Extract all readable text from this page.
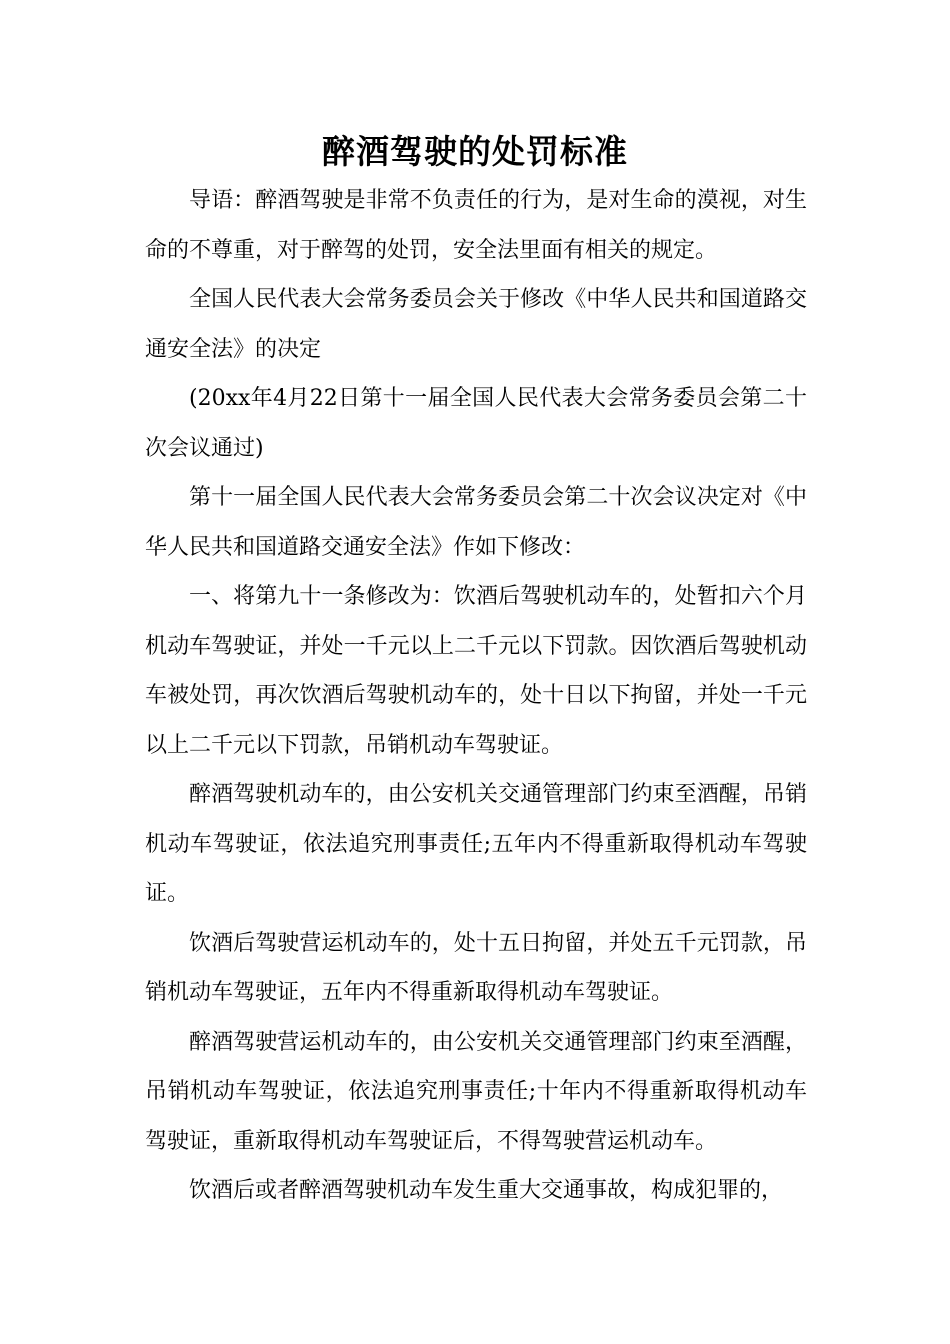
醉酒驾驶的处罚标准

导语：醉酒驾驶是非常不负责任的行为，是对生命的漠视，对生命的不尊重，对于醉驾的处罚，安全法里面有相关的规定。

全国人民代表大会常务委员会关于修改《中华人民共和国道路交通安全法》的决定

(20xx年4月22日第十一届全国人民代表大会常务委员会第二十次会议通过)

第十一届全国人民代表大会常务委员会第二十次会议决定对《中华人民共和国道路交通安全法》作如下修改：

一、将第九十一条修改为：饮酒后驾驶机动车的，处暂扣六个月机动车驾驶证，并处一千元以上二千元以下罚款。因饮酒后驾驶机动车被处罚，再次饮酒后驾驶机动车的，处十日以下拘留，并处一千元以上二千元以下罚款，吊销机动车驾驶证。

醉酒驾驶机动车的，由公安机关交通管理部门约束至酒醒，吊销机动车驾驶证，依法追究刑事责任;五年内不得重新取得机动车驾驶证。

饮酒后驾驶营运机动车的，处十五日拘留，并处五千元罚款，吊销机动车驾驶证，五年内不得重新取得机动车驾驶证。

醉酒驾驶营运机动车的，由公安机关交通管理部门约束至酒醒，吊销机动车驾驶证，依法追究刑事责任;十年内不得重新取得机动车驾驶证，重新取得机动车驾驶证后，不得驾驶营运机动车。

饮酒后或者醉酒驾驶机动车发生重大交通事故，构成犯罪的，
